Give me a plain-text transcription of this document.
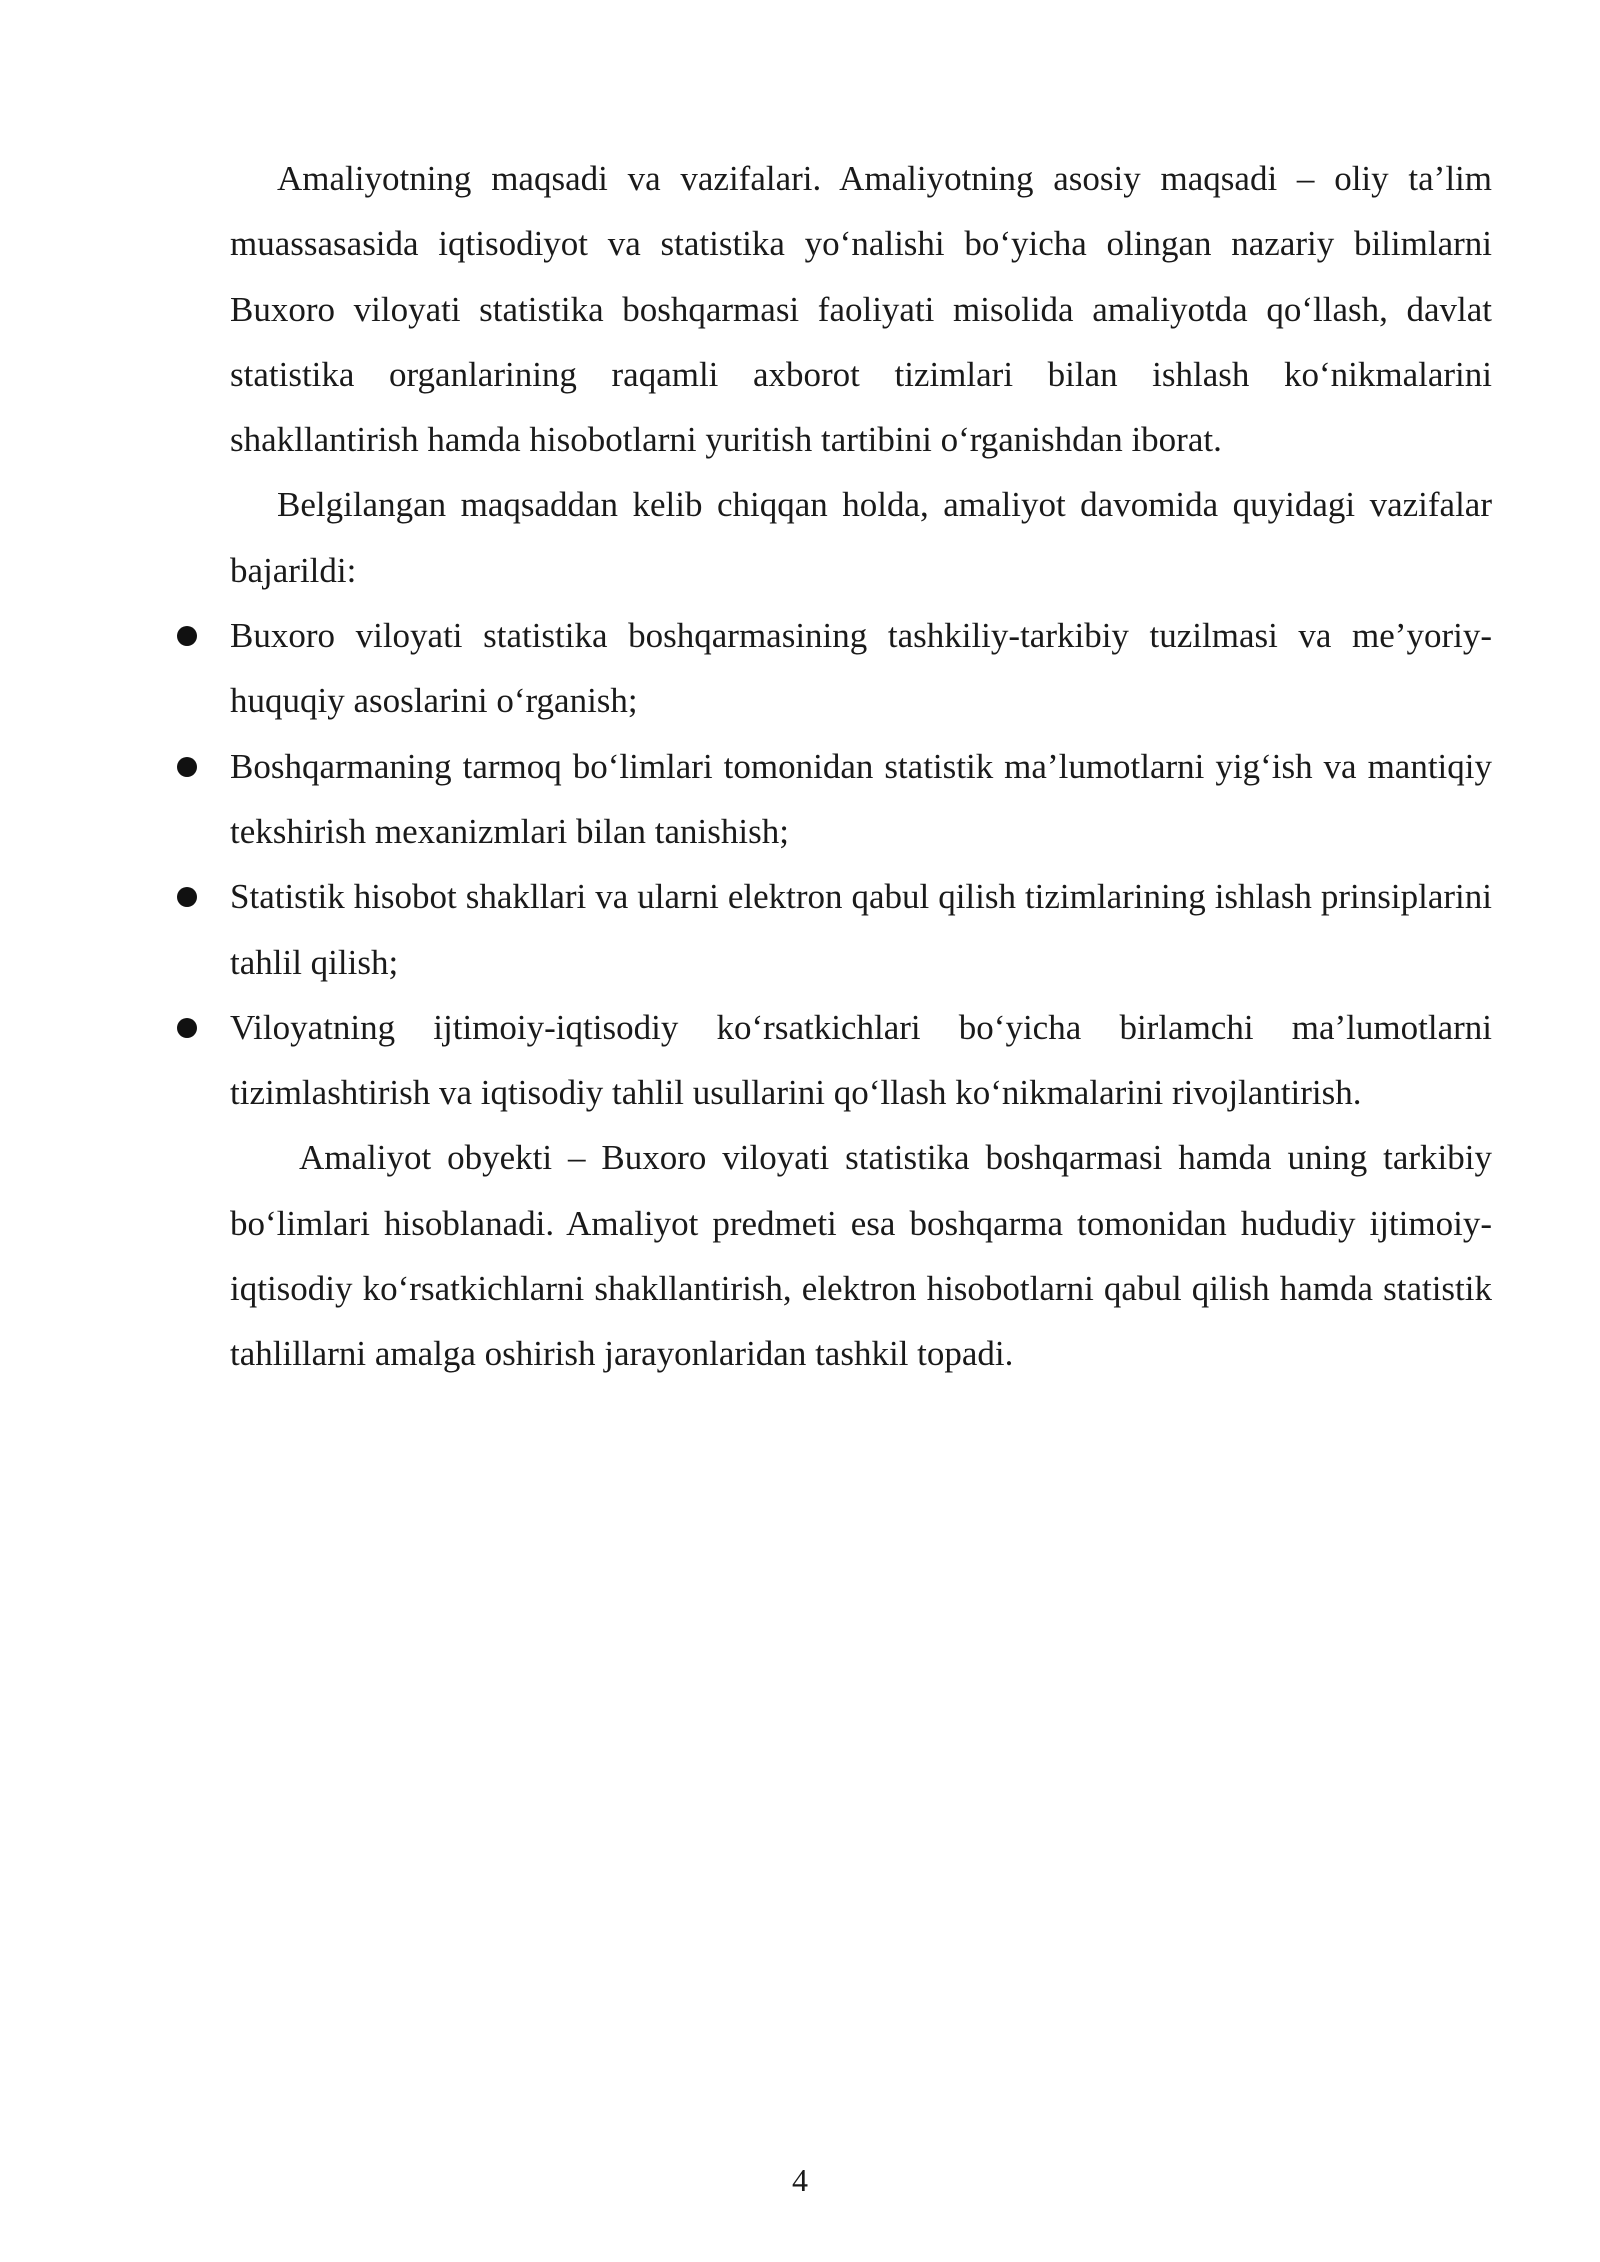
Amaliyotning maqsadi va vazifalari. Amaliyotning asosiy maqsadi – oliy ta’lim muassasasida iqtisodiyot va statistika yo‘nalishi bo‘yicha olingan nazariy bilimlarni Buxoro viloyati statistika boshqarmasi faoliyati misolida amaliyotda qo‘llash, davlat statistika organlarining raqamli axborot tizimlari bilan ishlash ko‘nikmalarini shakllantirish hamda hisobotlarni yuritish tartibini o‘rganishdan iborat.

Belgilangan maqsaddan kelib chiqqan holda, amaliyot davomida quyidagi vazifalar bajarildi:

Buxoro viloyati statistika boshqarmasining tashkiliy-tarkibiy tuzilmasi va me’yoriy-huquqiy asoslarini o‘rganish;
Boshqarmaning tarmoq bo‘limlari tomonidan statistik ma’lumotlarni yig‘ish va mantiqiy tekshirish mexanizmlari bilan tanishish;
Statistik hisobot shakllari va ularni elektron qabul qilish tizimlarining ishlash prinsiplarini tahlil qilish;
Viloyatning ijtimoiy-iqtisodiy ko‘rsatkichlari bo‘yicha birlamchi ma’lumotlarni tizimlashtirish va iqtisodiy tahlil usullarini qo‘llash ko‘nikmalarini rivojlantirish.

Amaliyot obyekti – Buxoro viloyati statistika boshqarmasi hamda uning tarkibiy bo‘limlari hisoblanadi. Amaliyot predmeti esa boshqarma tomonidan hududiy ijtimoiy-iqtisodiy ko‘rsatkichlarni shakllantirish, elektron hisobotlarni qabul qilish hamda statistik tahlillarni amalga oshirish jarayonlaridan tashkil topadi.

4
